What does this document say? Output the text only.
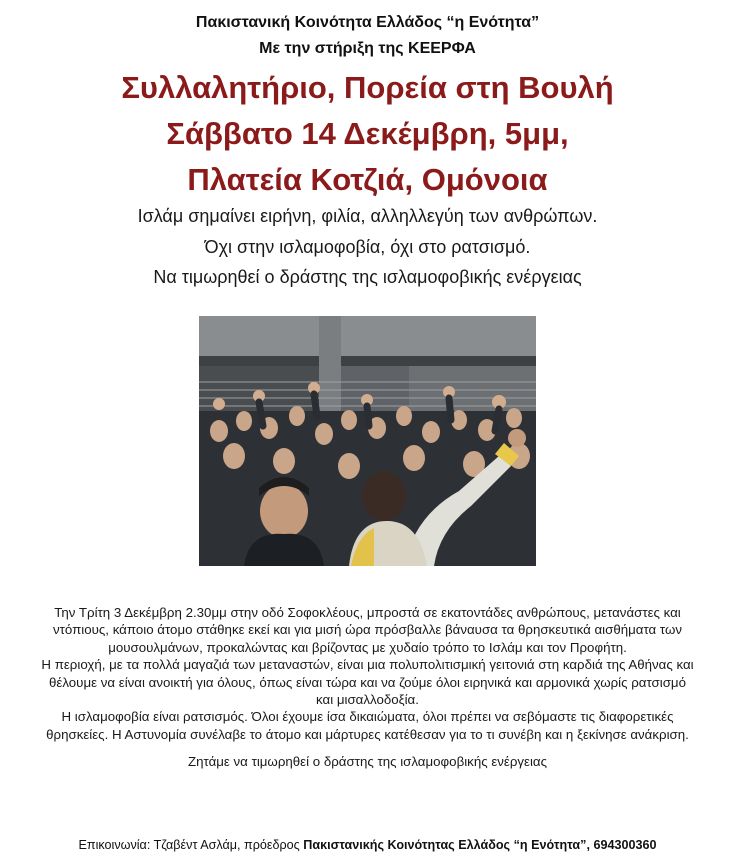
Πακιστανική Κοινότητα Ελλάδος “η Ενότητα”
Με την στήριξη της ΚΕΕΡΦΑ
Συλλαλητήριο, Πορεία στη Βουλή
Σάββατο 14 Δεκέμβρη, 5μμ,
Πλατεία Κοτζιά, Ομόνοια
Ισλάμ σημαίνει ειρήνη, φιλία, αλληλλεγύη των ανθρώπων.
Όχι στην ισλαμοφοβία, όχι στο ρατσισμό.
Να τιμωρηθεί ο δράστης της ισλαμοφοβικής ενέργειας

Την Τρίτη 3 Δεκέμβρη 2.30μμ στην οδό Σοφοκλέους, μπροστά σε εκατοντάδες ανθρώπους, μετανάστες και ντόπιους, κάποιο άτομο στάθηκε εκεί και για μισή ώρα πρόσβαλλε βάναυσα τα θρησκευτικά αισθήματα των μουσουλμάνων, προκαλώντας και βρίζοντας με χυδαίο τρόπο το Ισλάμ και τον Προφήτη.

Η περιοχή, με τα πολλά μαγαζιά των μεταναστών, είναι μια πολυπολιτισμική γειτονιά στη καρδιά της Αθήνας και θέλουμε να είναι ανοικτή για όλους, όπως είναι τώρα και να ζούμε όλοι ειρηνικά και αρμονικά χωρίς ρατσισμό και μισαλλοδοξία.

Η ισλαμοφοβία είναι ρατσισμός. Όλοι έχουμε ίσα δικαιώματα, όλοι πρέπει να σεβόμαστε τις διαφορετικές θρησκείες. Η Αστυνομία συνέλαβε το άτομο και μάρτυρες κατέθεσαν για το τι συνέβη και η ξεκίνησε ανάκριση.

Ζητάμε να τιμωρηθεί ο δράστης της ισλαμοφοβικής ενέργειας

Επικοινωνία: Τζαβέντ Ασλάμ, πρόεδρος Πακιστανικής Κοινότητας Ελλάδος “η Ενότητα”, 694300360
